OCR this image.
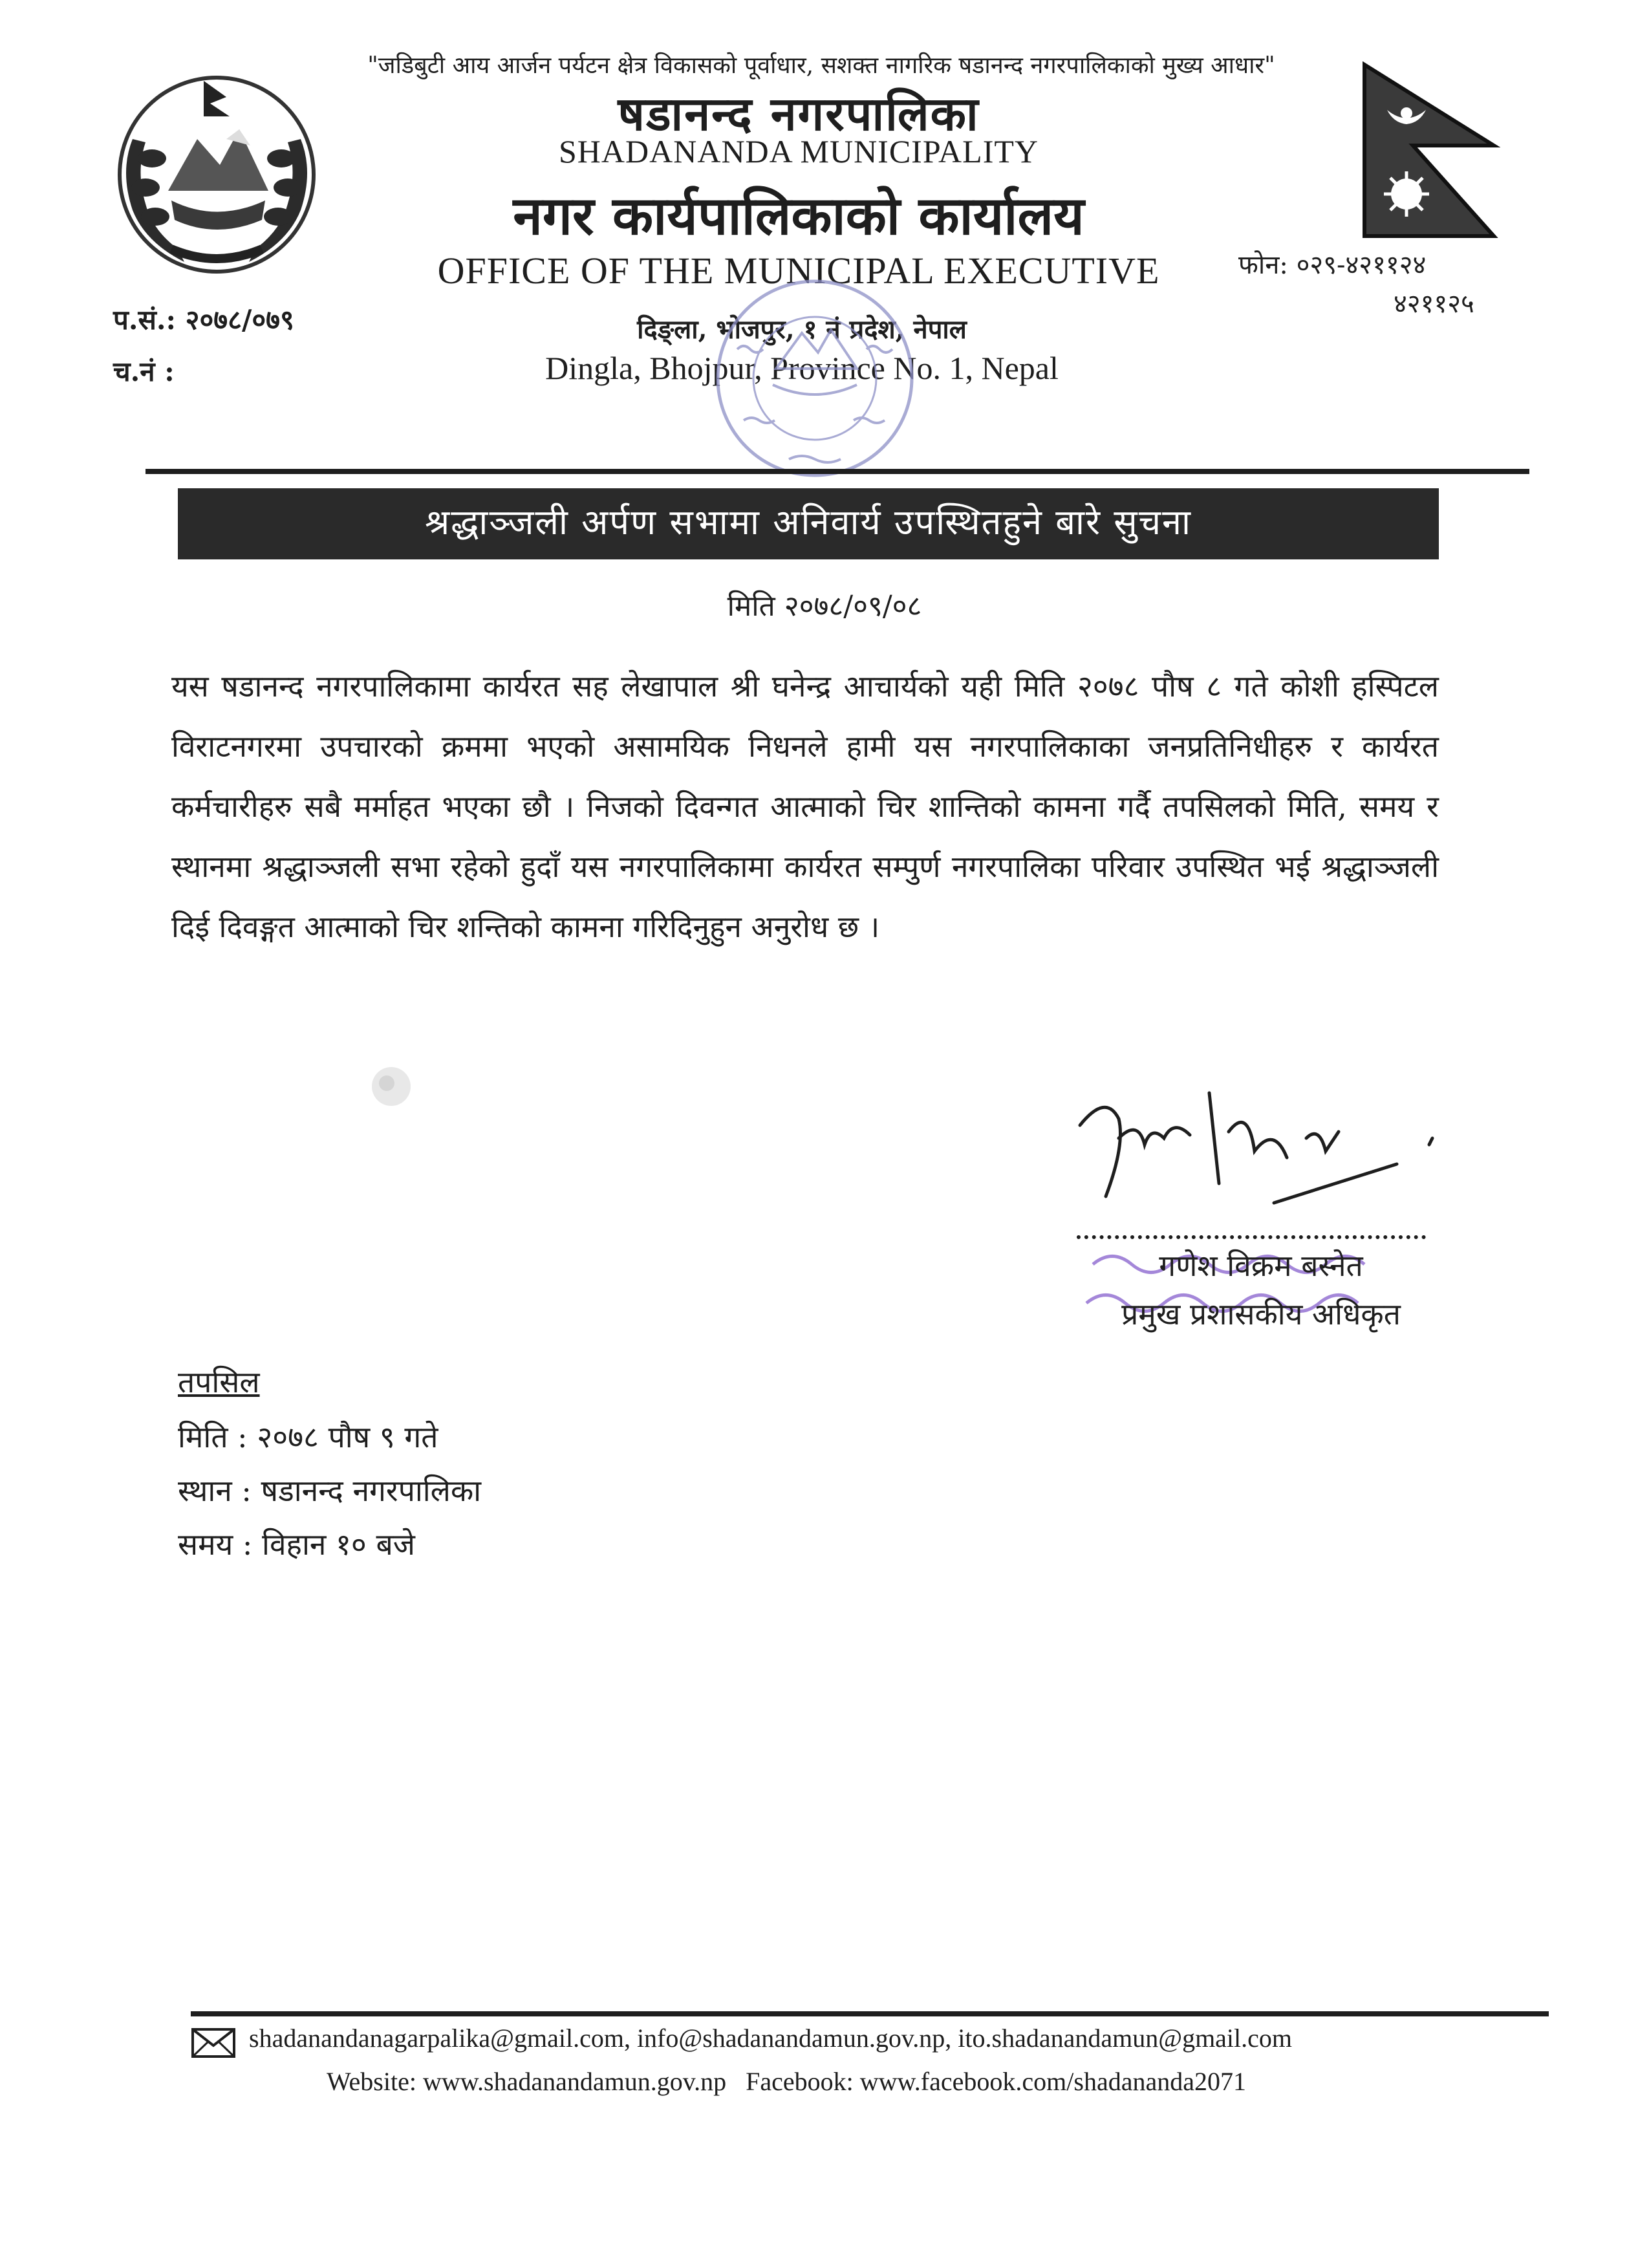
"जडिबुटी आय आर्जन पर्यटन क्षेत्र विकासको पूर्वाधार, सशक्त नागरिक षडानन्द नगरपालिकाको मुख्य आधार"
षडानन्द नगरपालिका
SHADANANDA MUNICIPALITY
नगर कार्यपालिकाको कार्यालय
OFFICE OF THE MUNICIPAL EXECUTIVE
दिङ्ला, भोजपुर, १ नं प्रदेश, नेपाल
Dingla, Bhojpur, Province No. 1, Nepal
फोन: ०२९-४२११२४
४२११२५
प.सं.: २०७८/०७९
च.नं :
श्रद्धाञ्जली अर्पण सभामा अनिवार्य उपस्थितहुने बारे सुचना
मिति २०७८/०९/०८
यस षडानन्द नगरपालिकामा कार्यरत सह लेखापाल श्री घनेन्द्र आचार्यको यही मिति २०७८ पौष ८ गते कोशी हस्पिटल विराटनगरमा उपचारको क्रममा भएको असामयिक निधनले हामी यस नगरपालिकाका जनप्रतिनिधीहरु र कार्यरत कर्मचारीहरु सबै मर्माहत भएका छौ । निजको दिवन्गत आत्माको चिर शान्तिको कामना गर्दै तपसिलको मिति, समय र स्थानमा श्रद्धाञ्जली सभा रहेको हुदाँ यस नगरपालिकामा कार्यरत सम्पुर्ण नगरपालिका परिवार उपस्थित भई श्रद्धाञ्जली दिई दिवङ्गत आत्माको चिर शन्तिको कामना गरिदिनुहुन अनुरोध छ ।
गणेश विक्रम बस्नेत
प्रमुख प्रशासकीय अधिकृत
तपसिल
मिति : २०७८ पौष ९ गते
स्थान : षडानन्द नगरपालिका
समय : विहान १० बजे
shadanandanagarpalika@gmail.com, info@shadanandamun.gov.np, ito.shadanandamun@gmail.com
Website: www.shadanandamun.gov.np   Facebook: www.facebook.com/shadananda2071
